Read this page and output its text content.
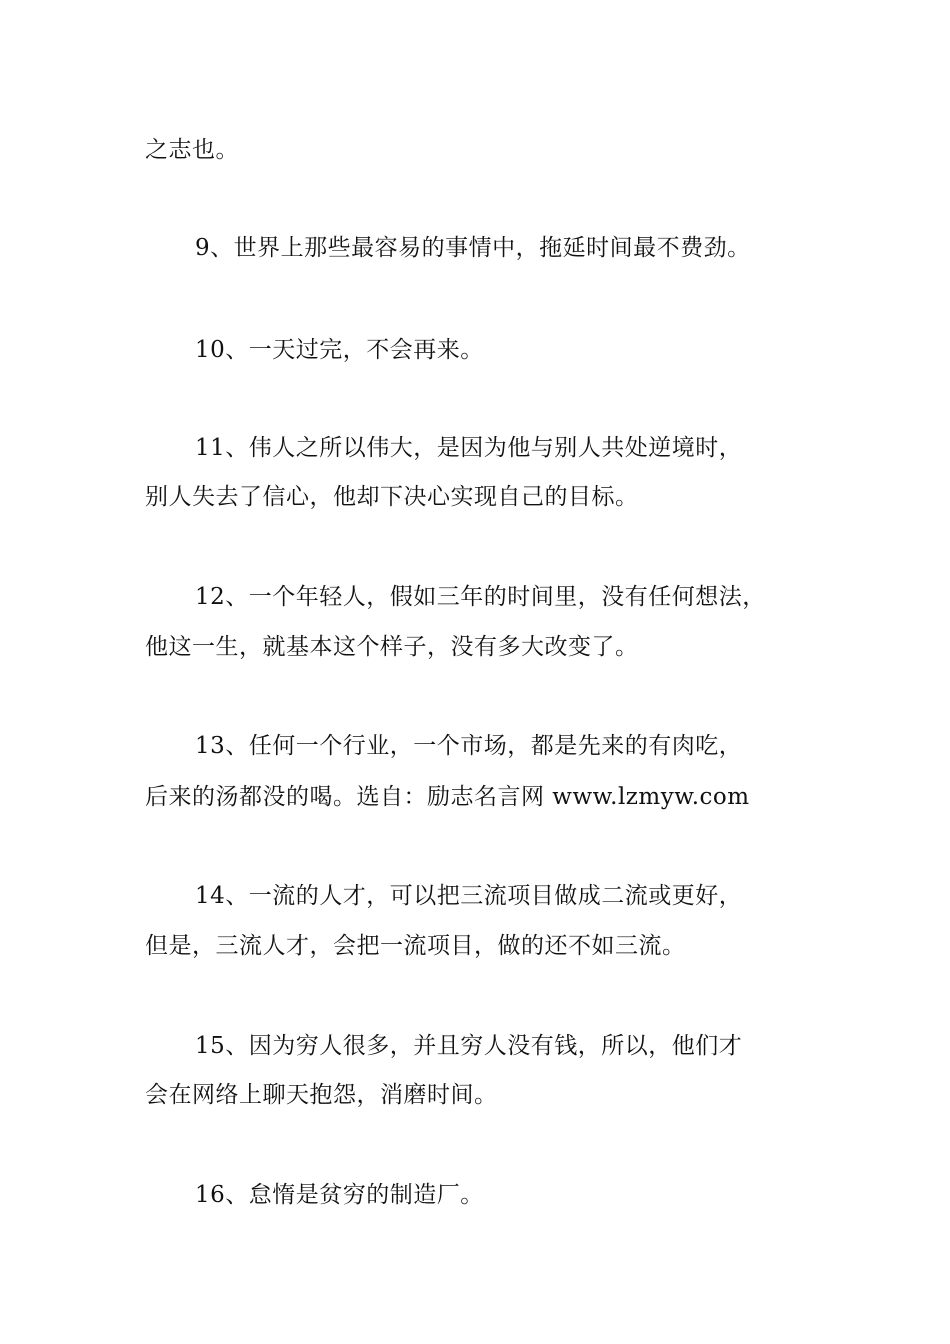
之志也。
9、世界上那些最容易的事情中，拖延时间最不费劲。
10、一天过完，不会再来。
11、伟人之所以伟大，是因为他与别人共处逆境时，
别人失去了信心，他却下决心实现自己的目标。
12、一个年轻人，假如三年的时间里，没有任何想法，
他这一生，就基本这个样子，没有多大改变了。
13、任何一个行业，一个市场，都是先来的有肉吃，
后来的汤都没的喝。选自：励志名言网 www.lzmyw.com
14、一流的人才，可以把三流项目做成二流或更好，
但是，三流人才，会把一流项目，做的还不如三流。
15、因为穷人很多，并且穷人没有钱，所以，他们才
会在网络上聊天抱怨，消磨时间。
16、怠惰是贫穷的制造厂。
